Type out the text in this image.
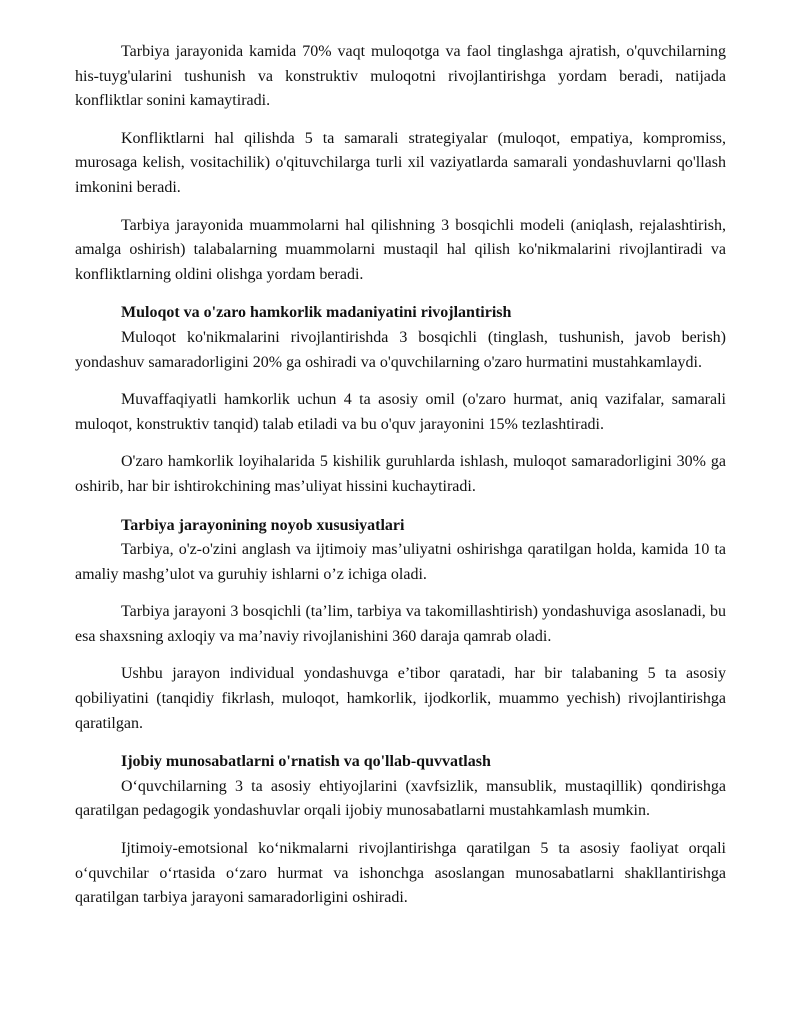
Tarbiya jarayonida kamida 70% vaqt muloqotga va faol tinglashga ajratish, o'quvchilarning his-tuyg'ularini tushunish va konstruktiv muloqotni rivojlantirishga yordam beradi, natijada konfliktlar sonini kamaytiradi.

Konfliktlarni hal qilishda 5 ta samarali strategiyalar (muloqot, empatiya, kompromiss, murosaga kelish, vositachilik) o'qituvchilarga turli xil vaziyatlarda samarali yondashuvlarni qo'llash imkonini beradi.

Tarbiya jarayonida muammolarni hal qilishning 3 bosqichli modeli (aniqlash, rejalashtirish, amalga oshirish) talabalarning muammolarni mustaqil hal qilish ko'nikmalarini rivojlantiradi va konfliktlarning oldini olishga yordam beradi.

Muloqot va o'zaro hamkorlik madaniyatini rivojlantirish

Muloqot ko'nikmalarini rivojlantirishda 3 bosqichli (tinglash, tushunish, javob berish) yondashuv samaradorligini 20% ga oshiradi va o'quvchilarning o'zaro hurmatini mustahkamlaydi.

Muvaffaqiyatli hamkorlik uchun 4 ta asosiy omil (o'zaro hurmat, aniq vazifalar, samarali muloqot, konstruktiv tanqid) talab etiladi va bu o'quv jarayonini 15% tezlashtiradi.

O'zaro hamkorlik loyihalarida 5 kishilik guruhlarda ishlash, muloqot samaradorligini 30% ga oshirib, har bir ishtirokchining mas’uliyat hissini kuchaytiradi.

Tarbiya jarayonining noyob xususiyatlari

Tarbiya, o'z-o'zini anglash va ijtimoiy mas’uliyatni oshirishga qaratilgan holda, kamida 10 ta amaliy mashg’ulot va guruhiy ishlarni o’z ichiga oladi.

Tarbiya jarayoni 3 bosqichli (ta’lim, tarbiya va takomillashtirish) yondashuviga asoslanadi, bu esa shaxsning axloqiy va ma’naviy rivojlanishini 360 daraja qamrab oladi.

Ushbu jarayon individual yondashuvga e’tibor qaratadi, har bir talabaning 5 ta asosiy qobiliyatini (tanqidiy fikrlash, muloqot, hamkorlik, ijodkorlik, muammo yechish) rivojlantirishga qaratilgan.

Ijobiy munosabatlarni o'rnatish va qo'llab-quvvatlash

O‘quvchilarning 3 ta asosiy ehtiyojlarini (xavfsizlik, mansublik, mustaqillik) qondirishga qaratilgan pedagogik yondashuvlar orqali ijobiy munosabatlarni mustahkamlash mumkin.

Ijtimoiy-emotsional ko‘nikmalarni rivojlantirishga qaratilgan 5 ta asosiy faoliyat orqali o‘quvchilar o‘rtasida o‘zaro hurmat va ishonchga asoslangan munosabatlarni shakllantirishga qaratilgan tarbiya jarayoni samaradorligini oshiradi.
